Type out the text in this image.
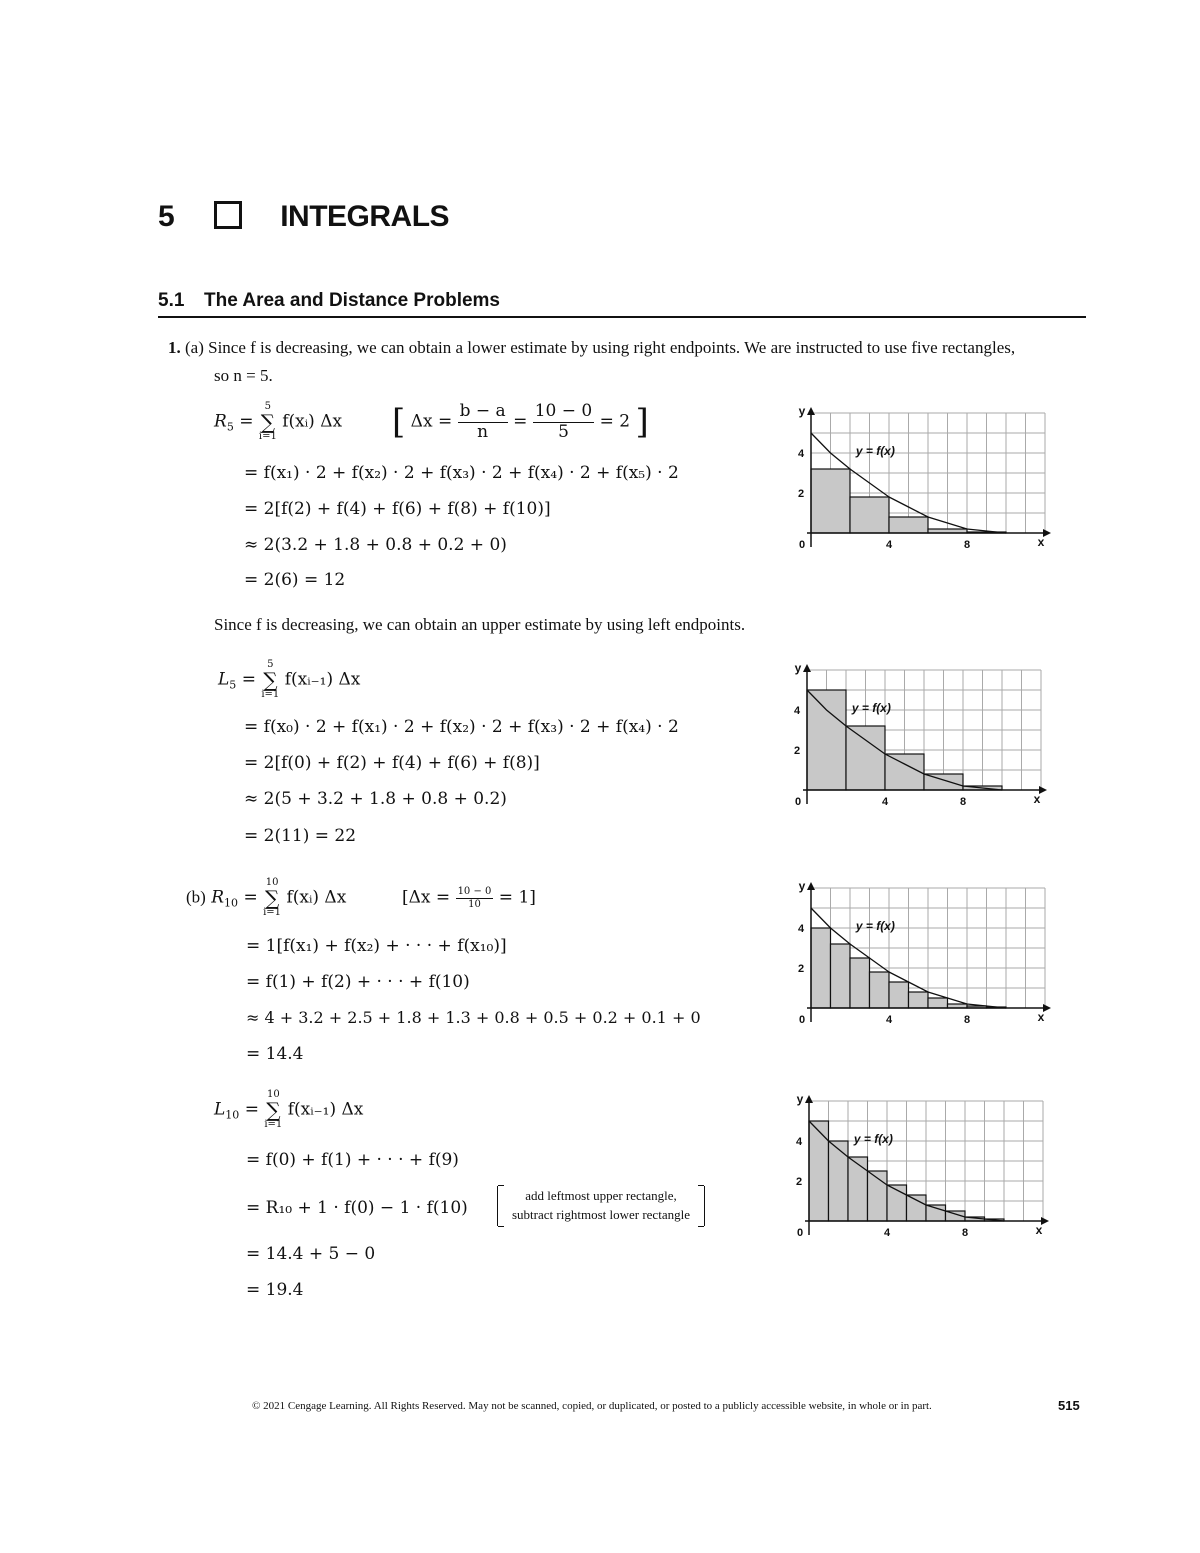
5	INTEGRALS
5.1 The Area and Distance Problems
1. (a) Since f is decreasing, we can obtain a lower estimate by using right endpoints. We are instructed to use five rectangles,
so n = 5.
$R_5$ =
5
∑
i=1
f(xᵢ) Δx [ $\Delta x = \frac{b - a}{n} = \frac{10 - 0}{5} = 2$ ]
= f(x₁) · 2 + f(x₂) · 2 + f(x₃) · 2 + f(x₄) · 2 + f(x₅) · 2
= 2[f(2) + f(4) + f(6) + f(8) + f(10)]
≈ 2(3.2 + 1.8 + 0.8 + 0.2 + 0)
= 2(6) = 12
Since f is decreasing, we can obtain an upper estimate by using left endpoints.
$L_5$ =
5
∑
i=1
f(xᵢ₋₁) Δx
= f(x₀) · 2 + f(x₁) · 2 + f(x₂) · 2 + f(x₃) · 2 + f(x₄) · 2
= 2[f(0) + f(2) + f(4) + f(6) + f(8)]
≈ 2(5 + 3.2 + 1.8 + 0.8 + 0.2)
= 2(11) = 22
(b) $R_{10}$ =
10
∑
i=1
f(xᵢ) Δx	$[\Delta x = \frac{10 - 0}{10} = 1]$
= 1[f(x₁) + f(x₂) + · · · + f(x₁₀)]
= f(1) + f(2) + · · · + f(10)
≈ 4 + 3.2 + 2.5 + 1.8 + 1.3 + 0.8 + 0.5 + 0.2 + 0.1 + 0
= 14.4
$L_{10}$ =
10
∑
i=1
f(xᵢ₋₁) Δx
= f(0) + f(1) + · · · + f(9)
= R₁₀ + 1 · f(0) − 1 · f(10)
add leftmost upper rectangle,
subtract rightmost lower rectangle
= 14.4 + 5 − 0
= 19.4
y
x
2
4
0	4	8
y = f(x)
y
x
2
4
0	4	8
y = f(x)
y
x
2
4
0	4	8
y = f(x)
y
x
2
4
0	4	8
y = f(x)
© 2021 Cengage Learning. All Rights Reserved. May not be scanned, copied, or duplicated, or posted to a publicly accessible website, in whole or in part.	515
